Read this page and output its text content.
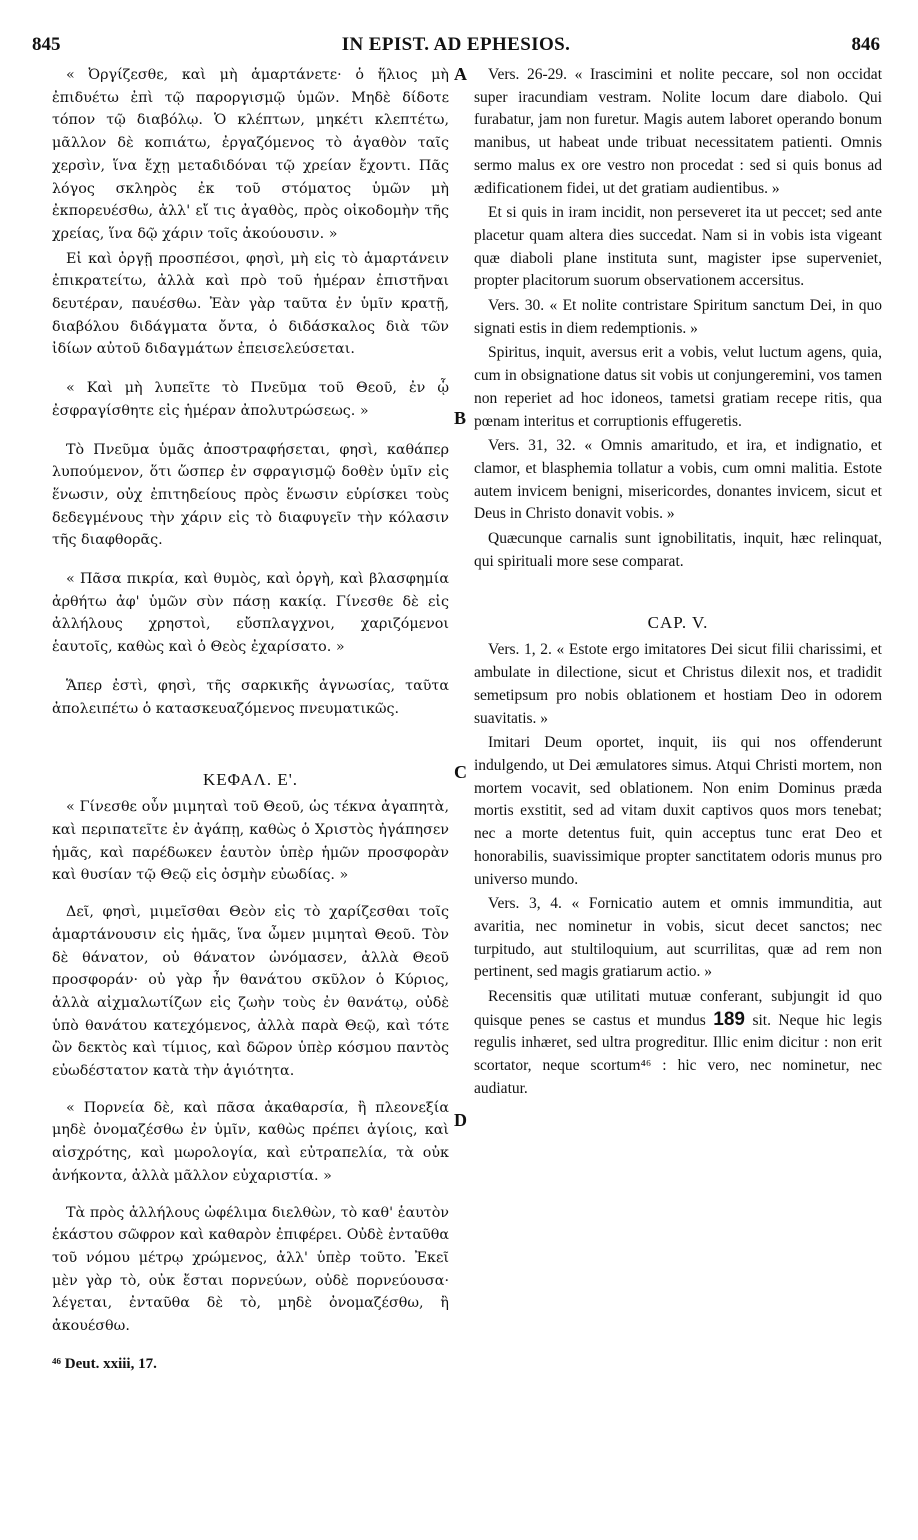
845	IN EPIST. AD EPHESIOS.	846
A
B
C
D

« Ὀργίζεσθε, καὶ μὴ ἁμαρτάνετε· ὁ ἥλιος μὴ ἐπιδυέτω ἐπὶ τῷ παροργισμῷ ὑμῶν. Μηδὲ δίδοτε τόπον τῷ διαβόλῳ. Ὁ κλέπτων, μηκέτι κλεπτέτω, μᾶλλον δὲ κοπιάτω, ἐργαζόμενος τὸ ἀγαθὸν ταῖς χερσὶν, ἵνα ἔχῃ μεταδιδόναι τῷ χρείαν ἔχοντι. Πᾶς λόγος σκληρὸς ἐκ τοῦ στόματος ὑμῶν μὴ ἐκπορευέσθω, ἀλλ' εἴ τις ἀγαθὸς, πρὸς οἰκοδομὴν τῆς χρείας, ἵνα δῷ χάριν τοῖς ἀκούουσιν. »

Εἰ καὶ ὀργῇ προσπέσοι, φησὶ, μὴ εἰς τὸ ἁμαρτάνειν ἐπικρατείτω, ἀλλὰ καὶ πρὸ τοῦ ἡμέραν ἐπιστῆναι δευτέραν, παυέσθω. Ἐὰν γὰρ ταῦτα ἐν ὑμῖν κρατῇ, διαβόλου διδάγματα ὄντα, ὁ διδάσκαλος διὰ τῶν ἰδίων αὐτοῦ διδαγμάτων ἐπεισελεύσεται.

« Καὶ μὴ λυπεῖτε τὸ Πνεῦμα τοῦ Θεοῦ, ἐν ᾧ ἐσφραγίσθητε εἰς ἡμέραν ἀπολυτρώσεως. »

Τὸ Πνεῦμα ὑμᾶς ἀποστραφήσεται, φησὶ, καθάπερ λυπούμενον, ὅτι ὥσπερ ἐν σφραγισμῷ δοθὲν ὑμῖν εἰς ἕνωσιν, οὐχ ἐπιτηδείους πρὸς ἕνωσιν εὑρίσκει τοὺς δεδεγμένους τὴν χάριν εἰς τὸ διαφυγεῖν τὴν κόλασιν τῆς διαφθορᾶς.

« Πᾶσα πικρία, καὶ θυμὸς, καὶ ὀργὴ, καὶ βλασφημία ἀρθήτω ἀφ' ὑμῶν σὺν πάσῃ κακίᾳ. Γίνεσθε δὲ εἰς ἀλλήλους χρηστοὶ, εὔσπλαγχνοι, χαριζόμενοι ἑαυτοῖς, καθὼς καὶ ὁ Θεὸς ἐχαρίσατο. »

Ἅπερ ἐστὶ, φησὶ, τῆς σαρκικῆς ἀγνωσίας, ταῦτα ἀπολειπέτω ὁ κατασκευαζόμενος πνευματικῶς.

ΚΕΦΑΛ. Ε'.

« Γίνεσθε οὖν μιμηταὶ τοῦ Θεοῦ, ὡς τέκνα ἀγαπητὰ, καὶ περιπατεῖτε ἐν ἀγάπῃ, καθὼς ὁ Χριστὸς ἠγάπησεν ἡμᾶς, καὶ παρέδωκεν ἑαυτὸν ὑπὲρ ἡμῶν προσφορὰν καὶ θυσίαν τῷ Θεῷ εἰς ὀσμὴν εὐωδίας. »

Δεῖ, φησὶ, μιμεῖσθαι Θεὸν εἰς τὸ χαρίζεσθαι τοῖς ἁμαρτάνουσιν εἰς ἡμᾶς, ἵνα ὦμεν μιμηταὶ Θεοῦ. Τὸν δὲ θάνατον, οὐ θάνατον ὠνόμασεν, ἀλλὰ Θεοῦ προσφοράν· οὐ γὰρ ἦν θανάτου σκῦλον ὁ Κύριος, ἀλλὰ αἰχμαλωτίζων εἰς ζωὴν τοὺς ἐν θανάτῳ, οὐδὲ ὑπὸ θανάτου κατεχόμενος, ἀλλὰ παρὰ Θεῷ, καὶ τότε ὢν δεκτὸς καὶ τίμιος, καὶ δῶρον ὑπὲρ κόσμου παντὸς εὐωδέστατον κατὰ τὴν ἁγιότητα.

« Πορνεία δὲ, καὶ πᾶσα ἀκαθαρσία, ἢ πλεονεξία μηδὲ ὀνομαζέσθω ἐν ὑμῖν, καθὼς πρέπει ἁγίοις, καὶ αἰσχρότης, καὶ μωρολογία, καὶ εὐτραπελία, τὰ οὐκ ἀνήκοντα, ἀλλὰ μᾶλλον εὐχαριστία. »

Τὰ πρὸς ἀλλήλους ὠφέλιμα διελθὼν, τὸ καθ' ἑαυτὸν ἑκάστου σῶφρον καὶ καθαρὸν ἐπιφέρει. Οὐδὲ ἐνταῦθα τοῦ νόμου μέτρῳ χρώμενος, ἀλλ' ὑπὲρ τοῦτο. Ἐκεῖ μὲν γὰρ τὸ, οὐκ ἔσται πορνεύων, οὐδὲ πορνεύουσα· λέγεται, ἐνταῦθα δὲ τὸ, μηδὲ ὀνομαζέσθω, ἢ ἀκουέσθω.

⁴⁶ Deut. xxiii, 17.

Vers. 26-29. « Irascimini et nolite peccare, sol non occidat super iracundiam vestram. Nolite locum dare diabolo. Qui furabatur, jam non furetur. Magis autem laboret operando bonum manibus, ut habeat unde tribuat necessitatem patienti. Omnis sermo malus ex ore vestro non procedat : sed si quis bonus ad ædificationem fidei, ut det gratiam audientibus. »

Et si quis in iram incidit, non perseveret ita ut peccet; sed ante placetur quam altera dies succedat. Nam si in vobis ista vigeant quæ diaboli plane instituta sunt, magister ipse superveniet, propter placitorum suorum observationem accersitus.

Vers. 30. « Et nolite contristare Spiritum sanctum Dei, in quo signati estis in diem redemptionis. »

Spiritus, inquit, aversus erit a vobis, velut luctum agens, quia, cum in obsignatione datus sit vobis ut conjungeremini, vos tamen non reperiet ad hoc idoneos, tametsi gratiam recepe ritis, qua pœnam interitus et corruptionis effugeretis.

Vers. 31, 32. « Omnis amaritudo, et ira, et indignatio, et clamor, et blasphemia tollatur a vobis, cum omni malitia. Estote autem invicem benigni, misericordes, donantes invicem, sicut et Deus in Christo donavit vobis. »

Quæcunque carnalis sunt ignobilitatis, inquit, hæc relinquat, qui spirituali more sese comparat.

CAP. V.

Vers. 1, 2. « Estote ergo imitatores Dei sicut filii charissimi, et ambulate in dilectione, sicut et Christus dilexit nos, et tradidit semetipsum pro nobis oblationem et hostiam Deo in odorem suavitatis. »

Imitari Deum oportet, inquit, iis qui nos offenderunt indulgendo, ut Dei æmulatores simus. Atqui Christi mortem, non mortem vocavit, sed oblationem. Non enim Dominus præda mortis exstitit, sed ad vitam duxit captivos quos mors tenebat; nec a morte detentus fuit, quin acceptus tunc erat Deo et honorabilis, suavissimique propter sanctitatem odoris munus pro universo mundo.

Vers. 3, 4. « Fornicatio autem et omnis immunditia, aut avaritia, nec nominetur in vobis, sicut decet sanctos; nec turpitudo, aut stultiloquium, aut scurrilitas, quæ ad rem non pertinent, sed magis gratiarum actio. »

Recensitis quæ utilitati mutuæ conferant, subjungit id quo quisque penes se castus et mundus 189 sit. Neque hic legis regulis inhæret, sed ultra progreditur. Illic enim dicitur : non erit scortator, neque scortum⁴⁶ : hic vero, nec nominetur, nec audiatur.
